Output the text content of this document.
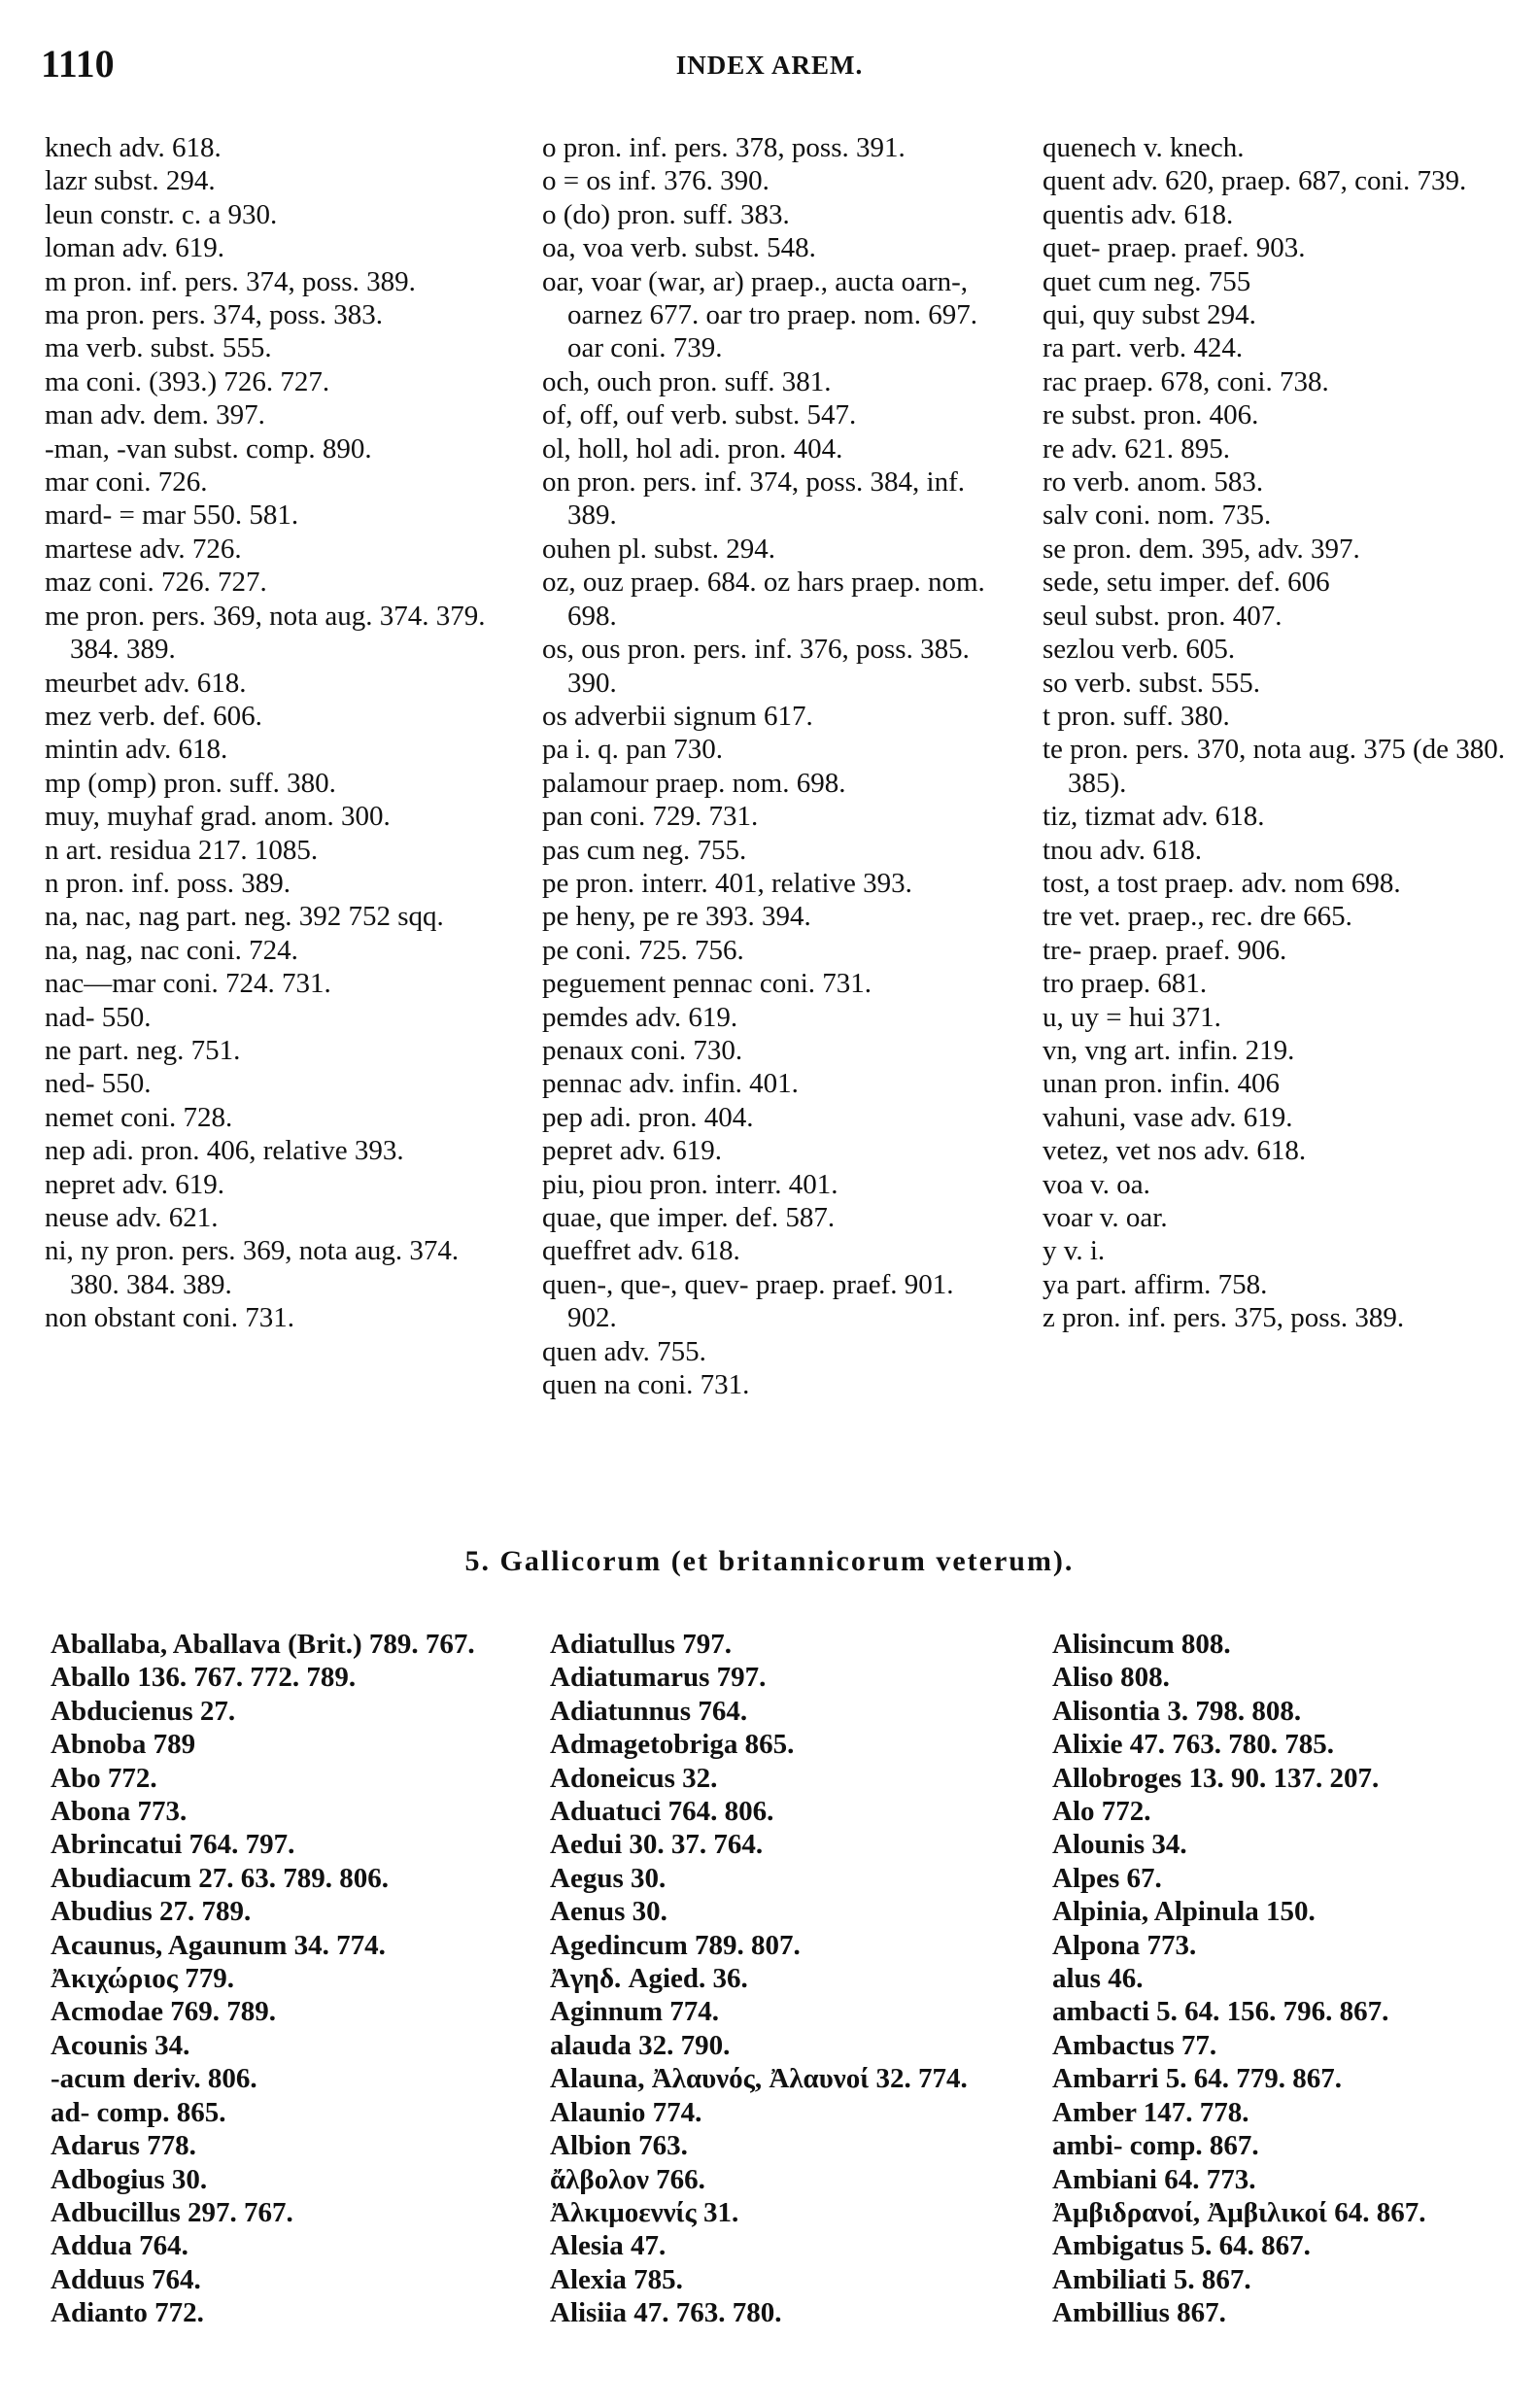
1110	INDEX AREM.
knech adv. 618.
lazr subst. 294.
leun constr. c. a 930.
loman adv. 619.
m pron. inf. pers. 374, poss. 389.
ma pron. pers. 374, poss. 383.
ma verb. subst. 555.
ma coni. (393.) 726. 727.
man adv. dem. 397.
-man, -van subst. comp. 890.
mar coni. 726.
mard- = mar 550. 581.
martese adv. 726.
maz coni. 726. 727.
me pron. pers. 369, nota aug. 374. 379. 384. 389.
meurbet adv. 618.
mez verb. def. 606.
mintin adv. 618.
mp (omp) pron. suff. 380.
muy, muyhaf grad. anom. 300.
n art. residua 217. 1085.
n pron. inf. poss. 389.
na, nac, nag part. neg. 392 752 sqq.
na, nag, nac coni. 724.
nac—mar coni. 724. 731.
nad- 550.
ne part. neg. 751.
ned- 550.
nemet coni. 728.
nep adi. pron. 406, relative 393.
nepret adv. 619.
neuse adv. 621.
ni, ny pron. pers. 369, nota aug. 374. 380. 384. 389.
non obstant coni. 731.
o pron. inf. pers. 378, poss. 391.
o = os inf. 376. 390.
o (do) pron. suff. 383.
oa, voa verb. subst. 548.
oar, voar (war, ar) praep., aucta oarn-, oarnez 677. oar tro praep. nom. 697. oar coni. 739.
och, ouch pron. suff. 381.
of, off, ouf verb. subst. 547.
ol, holl, hol adi. pron. 404.
on pron. pers. inf. 374, poss. 384, inf. 389.
ouhen pl. subst. 294.
oz, ouz praep. 684. oz hars praep. nom. 698.
os, ous pron. pers. inf. 376, poss. 385. 390.
os adverbii signum 617.
pa i. q. pan 730.
palamour praep. nom. 698.
pan coni. 729. 731.
pas cum neg. 755.
pe pron. interr. 401, relative 393.
pe heny, pe re 393. 394.
pe coni. 725. 756.
peguement pennac coni. 731.
pemdes adv. 619.
penaux coni. 730.
pennac adv. infin. 401.
pep adi. pron. 404.
pepret adv. 619.
piu, piou pron. interr. 401.
quae, que imper. def. 587.
queffret adv. 618.
quen-, que-, quev- praep. praef. 901. 902.
quen adv. 755.
quen na coni. 731.
quenech v. knech.
quent adv. 620, praep. 687, coni. 739.
quentis adv. 618.
quet- praep. praef. 903.
quet cum neg. 755
qui, quy subst 294.
ra part. verb. 424.
rac praep. 678, coni. 738.
re subst. pron. 406.
re adv. 621. 895.
ro verb. anom. 583.
salv coni. nom. 735.
se pron. dem. 395, adv. 397.
sede, setu imper. def. 606
seul subst. pron. 407.
sezlou verb. 605.
so verb. subst. 555.
t pron. suff. 380.
te pron. pers. 370, nota aug. 375 (de 380. 385).
tiz, tizmat adv. 618.
tnou adv. 618.
tost, a tost praep. adv. nom 698.
tre vet. praep., rec. dre 665.
tre- praep. praef. 906.
tro praep. 681.
u, uy = hui 371.
vn, vng art. infin. 219.
unan pron. infin. 406
vahuni, vase adv. 619.
vetez, vet nos adv. 618.
voa v. oa.
voar v. oar.
y v. i.
ya part. affirm. 758.
z pron. inf. pers. 375, poss. 389.
5. Gallicorum (et britannicorum veterum).
Aballaba, Aballava (Brit.) 789. 767.
Aballo 136. 767. 772. 789.
Abducienus 27.
Abnoba 789
Abo 772.
Abona 773.
Abrincatui 764. 797.
Abudiacum 27. 63. 789. 806.
Abudius 27. 789.
Acaunus, Agaunum 34. 774.
Ἀκιχώριος 779.
Acmodae 769. 789.
Acounis 34.
-acum deriv. 806.
ad- comp. 865.
Adarus 778.
Adbogius 30.
Adbucillus 297. 767.
Addua 764.
Adduus 764.
Adianto 772.
Adiatullus 797.
Adiatumarus 797.
Adiatunnus 764.
Admagetobriga 865.
Adoneicus 32.
Aduatuci 764. 806.
Aedui 30. 37. 764.
Aegus 30.
Aenus 30.
Agedincum 789. 807.
Ἀγηδ. Agied. 36.
Aginnum 774.
alauda 32. 790.
Alauna, Ἀλαυνός, Ἀλαυνοί 32. 774.
Alaunio 774.
Albion 763.
ἄλβολον 766.
Ἀλκιμοεννίς 31.
Alesia 47.
Alexia 785.
Alisiia 47. 763. 780.
Alisincum 808.
Aliso 808.
Alisontia 3. 798. 808.
Alixie 47. 763. 780. 785.
Allobroges 13. 90. 137. 207.
Alo 772.
Alounis 34.
Alpes 67.
Alpinia, Alpinula 150.
Alpona 773.
alus 46.
ambacti 5. 64. 156. 796. 867.
Ambactus 77.
Ambarri 5. 64. 779. 867.
Amber 147. 778.
ambi- comp. 867.
Ambiani 64. 773.
Ἀμβιδρανοί, Ἀμβιλικοί 64. 867.
Ambigatus 5. 64. 867.
Ambiliati 5. 867.
Ambillius 867.
